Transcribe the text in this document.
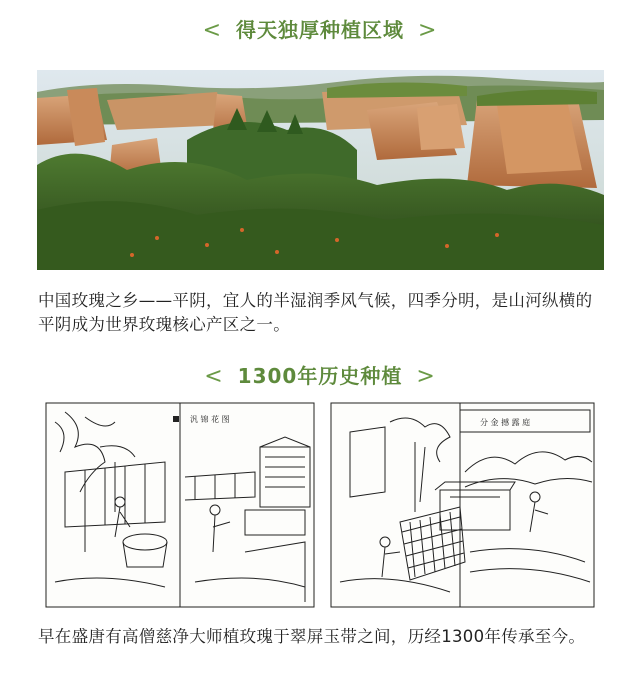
< 得天独厚种植区域 >
中国玫瑰之乡——平阴，宜人的半湿润季风气候，四季分明，是山河纵横的平阴成为世界玫瑰核心产区之一。
< 1300年历史种植 >
汎 锦 花 图	分 金 撼 露 庭
早在盛唐有高僧慈净大师植玫瑰于翠屏玉带之间，历经1300年传承至今。
